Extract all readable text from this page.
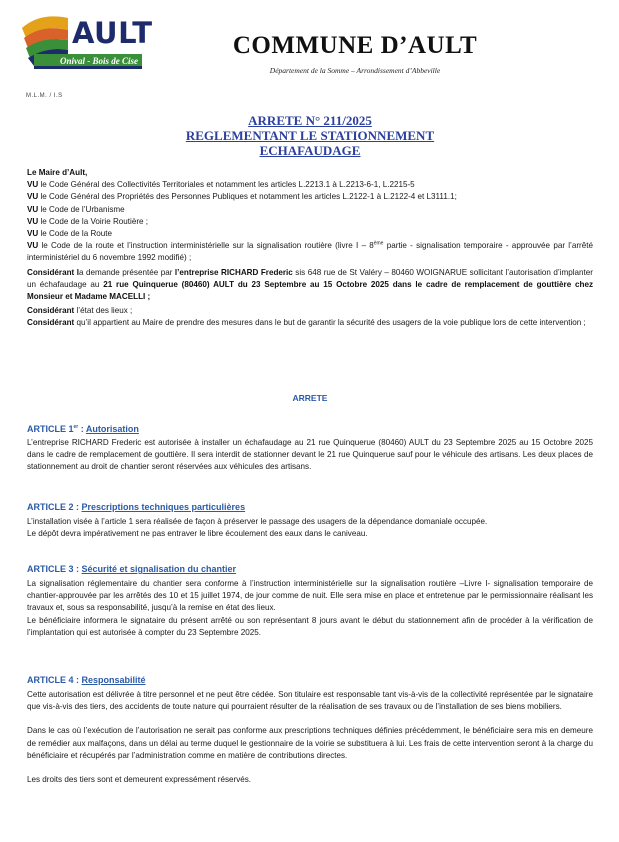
AULT
Onival - Bois de Cise
M.L.M. / I.S
COMMUNE D’AULT
Département de la Somme – Arrondissement d’Abbeville
ARRETE N° 211/2025
REGLEMENTANT LE STATIONNEMENT
ECHAFAUDAGE

Le Maire d’Ault,

VU le Code Général des Collectivités Territoriales et notamment les articles L.2213.1 à L.2213-6-1, L.2215-5

VU le Code Général des Propriétés des Personnes Publiques et notamment les articles L.2122-1 à L.2122-4 et L3111.1;

VU le Code de l’Urbanisme

VU le Code de la Voirie Routière ;

VU le Code de la Route

VU le Code de la route et l’instruction interministérielle sur la signalisation routière (livre I – 8ème partie - signalisation temporaire - approuvée par l’arrêté interministériel du 6 novembre 1992 modifié) ;

Considérant la demande présentée par l’entreprise RICHARD Frederic sis 648 rue de St Valéry – 80460 WOIGNARUE sollicitant l’autorisation d’implanter un échafaudage au 21 rue Quinquerue (80460) AULT du 23 Septembre au 15 Octobre 2025 dans le cadre de remplacement de gouttière chez Monsieur et Madame MACELLI ;

Considérant l’état des lieux ;

Considérant qu’il appartient au Maire de prendre des mesures dans le but de garantir la sécurité des usagers de la voie publique lors de cette intervention ;

ARRETE
ARTICLE 1er : Autorisation
L’entreprise RICHARD Frederic est autorisée à installer un échafaudage au 21 rue Quinquerue (80460) AULT du 23 Septembre 2025 au 15 Octobre 2025 dans le cadre de remplacement de gouttière. Il sera interdit de stationner devant le 21 rue Quinquerue sauf pour le véhicule des artisans. Les deux places de stationnement au droit de chantier seront réservées aux véhicules des artisans.
ARTICLE 2 : Prescriptions techniques particulières

L’installation visée à l’article 1 sera réalisée de façon à préserver le passage des usagers de la dépendance domaniale occupée.

Le dépôt devra impérativement ne pas entraver le libre écoulement des eaux dans le caniveau.

ARTICLE 3 : Sécurité et signalisation du chantier

La signalisation réglementaire du chantier sera conforme à l’instruction interministérielle sur la signalisation routière –Livre I- signalisation temporaire de chantier-approuvée par les arrêtés des 10 et 15 juillet 1974, de jour comme de nuit. Elle sera mise en place et entretenue par le permissionnaire réalisant les travaux et, sous sa responsabilité, jusqu’à la remise en état des lieux.

Le bénéficiaire informera le signataire du présent arrêté ou son représentant 8 jours avant le début du stationnement afin de procéder à la vérification de l’implantation qui est autorisée à compter du 23 Septembre 2025.

ARTICLE 4 : Responsabilité

Cette autorisation est délivrée à titre personnel et ne peut être cédée. Son titulaire est responsable tant vis-à-vis de la collectivité représentée par le signataire que vis-à-vis des tiers, des accidents de toute nature qui pourraient résulter de la réalisation de ses travaux ou de l’installation de ses biens mobiliers.

Dans le cas où l’exécution de l’autorisation ne serait pas conforme aux prescriptions techniques définies précédemment, le bénéficiaire sera mis en demeure de remédier aux malfaçons, dans un délai au terme duquel le gestionnaire de la voirie se substituera à lui. Les frais de cette intervention seront à la charge du bénéficiaire et récupérés par l’administration comme en matière de contributions directes.

Les droits des tiers sont et demeurent expressément réservés.
